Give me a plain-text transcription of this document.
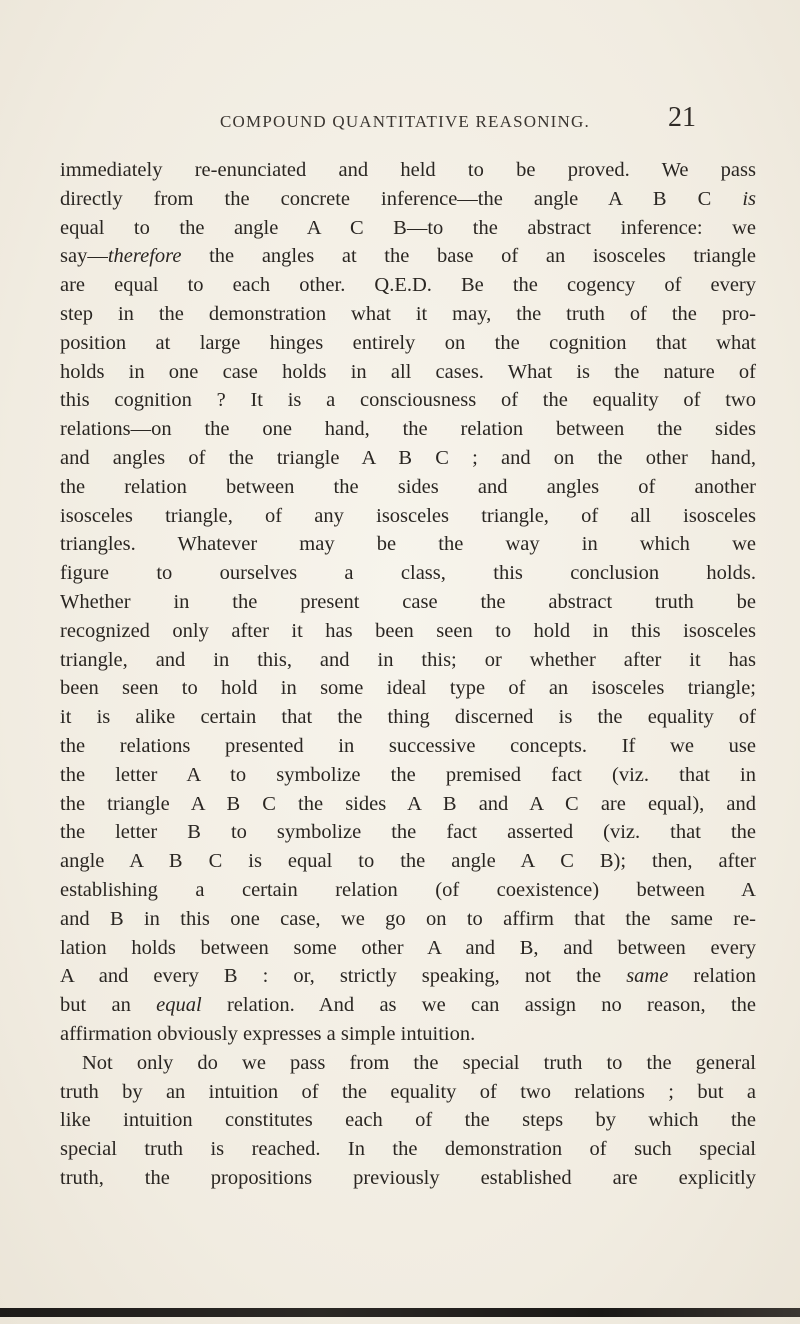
COMPOUND QUANTITATIVE REASONING.	21
immediately re-enunciated and held to be proved. We pass
directly from the concrete inference—the angle A B C is
equal to the angle A C B—to the abstract inference: we
say—therefore the angles at the base of an isosceles triangle
are equal to each other. Q.E.D. Be the cogency of every
step in the demonstration what it may, the truth of the pro-
position at large hinges entirely on the cognition that what
holds in one case holds in all cases. What is the nature of
this cognition ? It is a consciousness of the equality of two
relations—on the one hand, the relation between the sides
and angles of the triangle A B C ; and on the other hand,
the relation between the sides and angles of another
isosceles triangle, of any isosceles triangle, of all isosceles
triangles. Whatever may be the way in which we
figure to ourselves a class, this conclusion holds.
Whether in the present case the abstract truth be
recognized only after it has been seen to hold in this isosceles
triangle, and in this, and in this; or whether after it has
been seen to hold in some ideal type of an isosceles triangle;
it is alike certain that the thing discerned is the equality of
the relations presented in successive concepts. If we use
the letter A to symbolize the premised fact (viz. that in
the triangle A B C the sides A B and A C are equal), and
the letter B to symbolize the fact asserted (viz. that the
angle A B C is equal to the angle A C B); then, after
establishing a certain relation (of coexistence) between A
and B in this one case, we go on to affirm that the same re-
lation holds between some other A and B, and between every
A and every B : or, strictly speaking, not the same relation
but an equal relation. And as we can assign no reason, the
affirmation obviously expresses a simple intuition.
Not only do we pass from the special truth to the general
truth by an intuition of the equality of two relations ; but a
like intuition constitutes each of the steps by which the
special truth is reached. In the demonstration of such special
truth, the propositions previously established are explicitly
